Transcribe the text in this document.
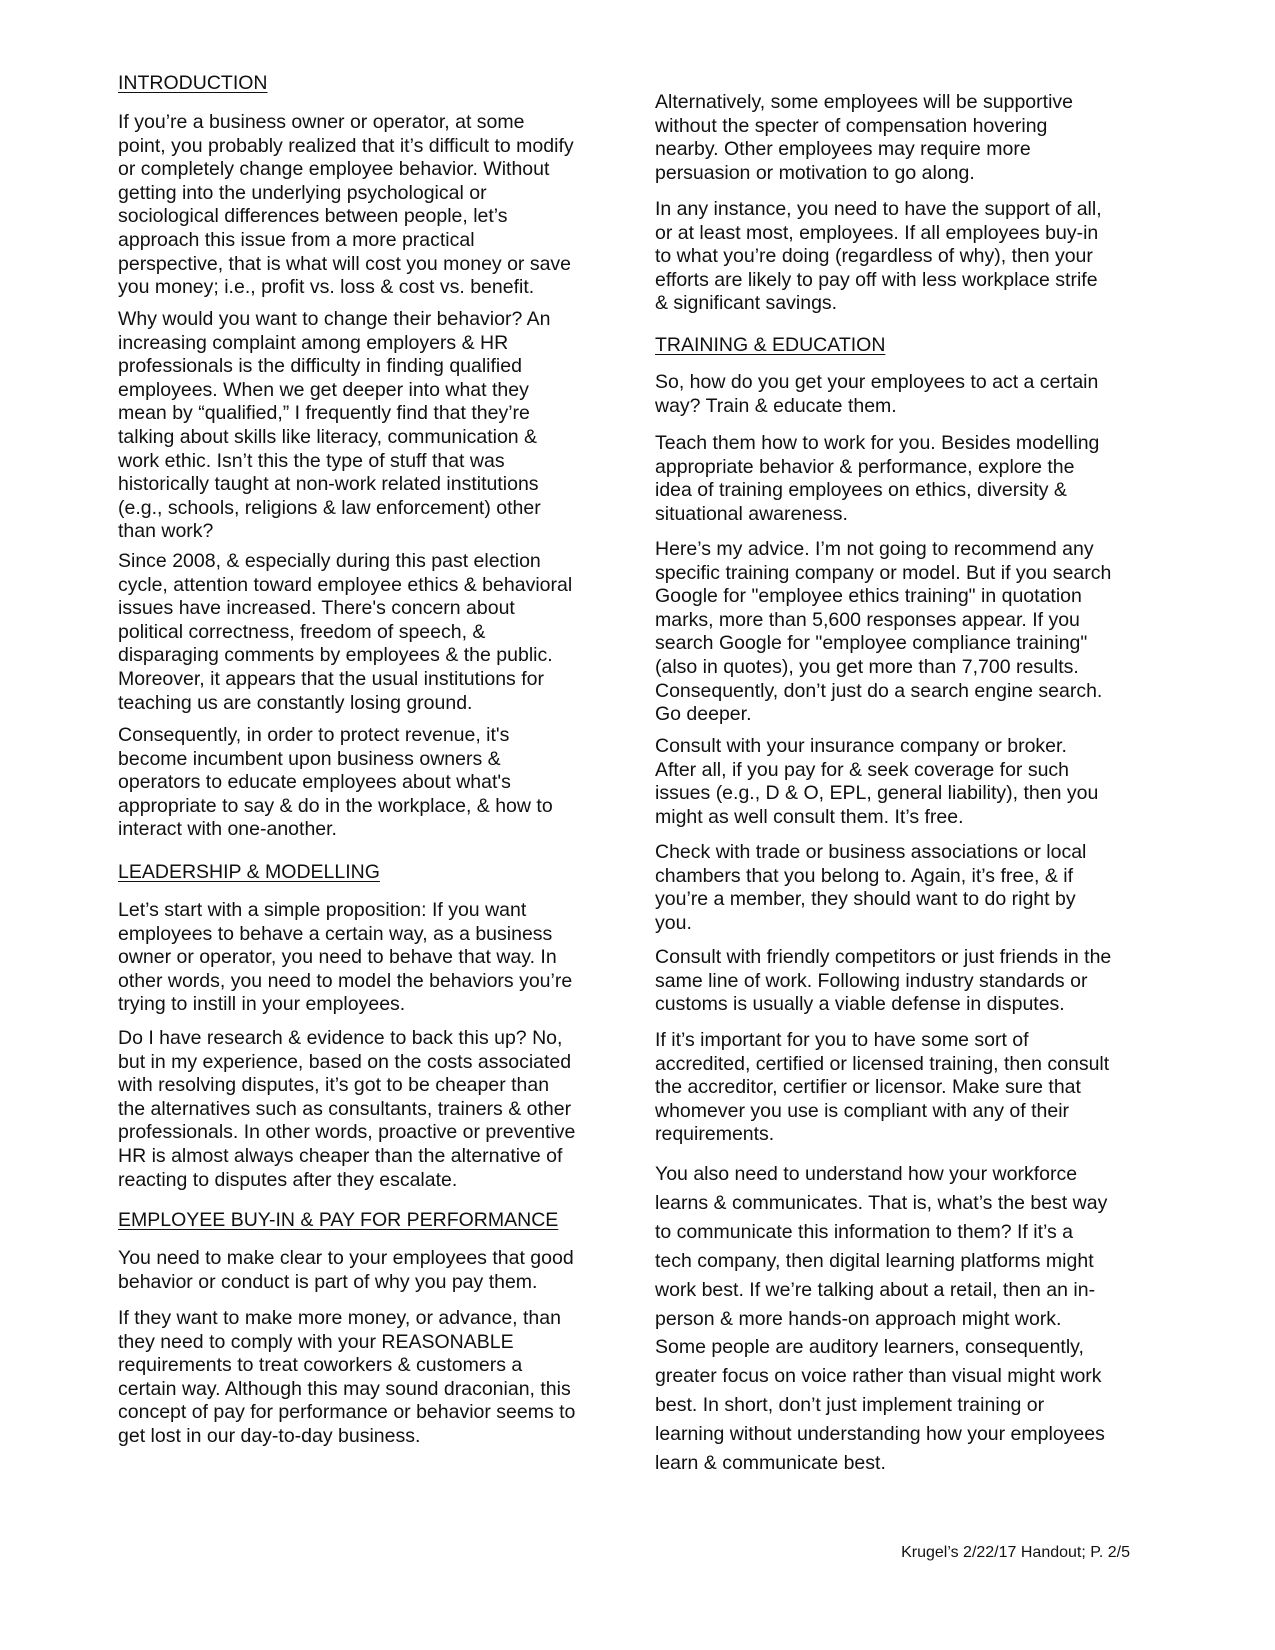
INTRODUCTION
If you’re a business owner or operator, at some
point, you probably realized that it’s difficult to modify
or completely change employee behavior. Without
getting into the underlying psychological or
sociological differences between people, let’s
approach this issue from a more practical
perspective, that is what will cost you money or save
you money; i.e., profit vs. loss & cost vs. benefit.
Why would you want to change their behavior? An
increasing complaint among employers & HR
professionals is the difficulty in finding qualified
employees. When we get deeper into what they
mean by “qualified,” I frequently find that they’re
talking about skills like literacy, communication &
work ethic. Isn’t this the type of stuff that was
historically taught at non-work related institutions
(e.g., schools, religions & law enforcement) other
than work?
Since 2008, & especially during this past election
cycle, attention toward employee ethics & behavioral
issues have increased. There's concern about
political correctness, freedom of speech, &
disparaging comments by employees & the public.
Moreover, it appears that the usual institutions for
teaching us are constantly losing ground.
Consequently, in order to protect revenue, it's
become incumbent upon business owners &
operators to educate employees about what's
appropriate to say & do in the workplace, & how to
interact with one-another.
LEADERSHIP & MODELLING
Let’s start with a simple proposition: If you want
employees to behave a certain way, as a business
owner or operator, you need to behave that way. In
other words, you need to model the behaviors you’re
trying to instill in your employees.
Do I have research & evidence to back this up? No,
but in my experience, based on the costs associated
with resolving disputes, it’s got to be cheaper than
the alternatives such as consultants, trainers & other
professionals. In other words, proactive or preventive
HR is almost always cheaper than the alternative of
reacting to disputes after they escalate.
EMPLOYEE BUY-IN & PAY FOR PERFORMANCE
You need to make clear to your employees that good
behavior or conduct is part of why you pay them.
If they want to make more money, or advance, than
they need to comply with your REASONABLE
requirements to treat coworkers & customers a
certain way. Although this may sound draconian, this
concept of pay for performance or behavior seems to
get lost in our day-to-day business.
Alternatively, some employees will be supportive
without the specter of compensation hovering
nearby. Other employees may require more
persuasion or motivation to go along.
In any instance, you need to have the support of all,
or at least most, employees. If all employees buy-in
to what you’re doing (regardless of why), then your
efforts are likely to pay off with less workplace strife
& significant savings.
TRAINING & EDUCATION
So, how do you get your employees to act a certain
way? Train & educate them.
Teach them how to work for you. Besides modelling
appropriate behavior & performance, explore the
idea of training employees on ethics, diversity &
situational awareness.
Here’s my advice. I’m not going to recommend any
specific training company or model. But if you search
Google for "employee ethics training" in quotation
marks, more than 5,600 responses appear. If you
search Google for "employee compliance training"
(also in quotes), you get more than 7,700 results.
Consequently, don’t just do a search engine search.
Go deeper.
Consult with your insurance company or broker.
After all, if you pay for & seek coverage for such
issues (e.g., D & O, EPL, general liability), then you
might as well consult them. It’s free.
Check with trade or business associations or local
chambers that you belong to. Again, it’s free, & if
you’re a member, they should want to do right by
you.
Consult with friendly competitors or just friends in the
same line of work. Following industry standards or
customs is usually a viable defense in disputes.
If it’s important for you to have some sort of
accredited, certified or licensed training, then consult
the accreditor, certifier or licensor. Make sure that
whomever you use is compliant with any of their
requirements.
You also need to understand how your workforce
learns & communicates. That is, what’s the best way
to communicate this information to them? If it’s a
tech company, then digital learning platforms might
work best. If we’re talking about a retail, then an in-
person & more hands-on approach might work.
Some people are auditory learners, consequently,
greater focus on voice rather than visual might work
best. In short, don’t just implement training or
learning without understanding how your employees
learn & communicate best.
Krugel’s 2/22/17 Handout; P. 2/5
